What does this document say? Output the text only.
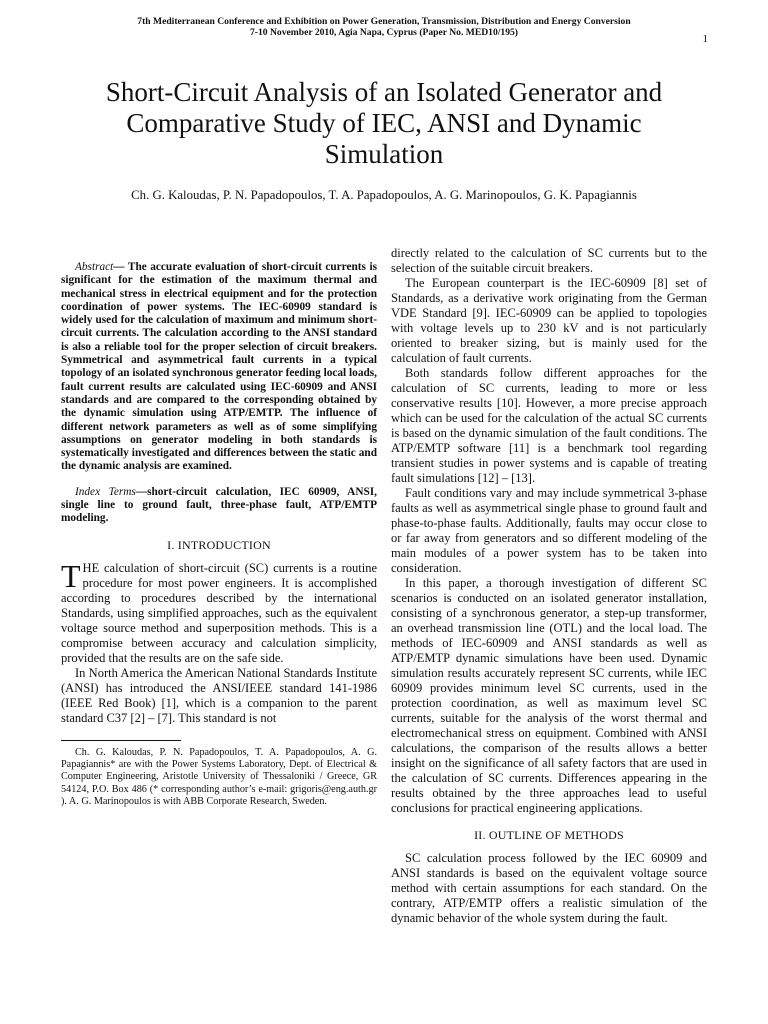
7th Mediterranean Conference and Exhibition on Power Generation, Transmission, Distribution and Energy Conversion
7-10 November 2010, Agia Napa, Cyprus (Paper No. MED10/195)
1
Short-Circuit Analysis of an Isolated Generator and Comparative Study of IEC, ANSI and Dynamic Simulation
Ch. G. Kaloudas, P. N. Papadopoulos, T. A. Papadopoulos, A. G. Marinopoulos, G. K. Papagiannis

Abstract— The accurate evaluation of short-circuit currents is significant for the estimation of the maximum thermal and mechanical stress in electrical equipment and for the protection coordination of power systems. The IEC-60909 standard is widely used for the calculation of maximum and minimum short-circuit currents. The calculation according to the ANSI standard is also a reliable tool for the proper selection of circuit breakers. Symmetrical and asymmetrical fault currents in a typical topology of an isolated synchronous generator feeding local loads, fault current results are calculated using IEC-60909 and ANSI standards and are compared to the corresponding obtained by the dynamic simulation using ATP/EMTP. The influence of different network parameters as well as of some simplifying assumptions on generator modeling in both standards is systematically investigated and differences between the static and the dynamic analysis are examined.

Index Terms—short-circuit calculation, IEC 60909, ANSI, single line to ground fault, three-phase fault, ATP/EMTP modeling.

I. INTRODUCTION

THE calculation of short-circuit (SC) currents is a routine procedure for most power engineers. It is accomplished according to procedures described by the international Standards, using simplified approaches, such as the equivalent voltage source method and superposition methods. This is a compromise between accuracy and calculation simplicity, provided that the results are on the safe side.

In North America the American National Standards Institute (ANSI) has introduced the ANSI/IEEE standard 141-1986 (IEEE Red Book) [1], which is a companion to the parent standard C37 [2] – [7]. This standard is not

Ch. G. Kaloudas, P. N. Papadopoulos, T. A. Papadopoulos, A. G. Papagiannis* are with the Power Systems Laboratory, Dept. of Electrical & Computer Engineering, Aristotle University of Thessaloniki / Greece, GR 54124, P.O. Box 486 (* corresponding author’s e-mail: grigoris@eng.auth.gr ). A. G. Marinopoulos is with ABB Corporate Research, Sweden.

directly related to the calculation of SC currents but to the selection of the suitable circuit breakers.

The European counterpart is the IEC-60909 [8] set of Standards, as a derivative work originating from the German VDE Standard [9]. IEC-60909 can be applied to topologies with voltage levels up to 230 kV and is not particularly oriented to breaker sizing, but is mainly used for the calculation of fault currents.

Both standards follow different approaches for the calculation of SC currents, leading to more or less conservative results [10]. However, a more precise approach which can be used for the calculation of the actual SC currents is based on the dynamic simulation of the fault conditions. The ATP/EMTP software [11] is a benchmark tool regarding transient studies in power systems and is capable of treating fault simulations [12] – [13].

Fault conditions vary and may include symmetrical 3-phase faults as well as asymmetrical single phase to ground fault and phase-to-phase faults. Additionally, faults may occur close to or far away from generators and so different modeling of the main modules of a power system has to be taken into consideration.

In this paper, a thorough investigation of different SC scenarios is conducted on an isolated generator installation, consisting of a synchronous generator, a step-up transformer, an overhead transmission line (OTL) and the local load. The methods of IEC-60909 and ANSI standards as well as ATP/EMTP dynamic simulations have been used. Dynamic simulation results accurately represent SC currents, while IEC 60909 provides minimum level SC currents, used in the protection coordination, as well as maximum level SC currents, suitable for the analysis of the worst thermal and electromechanical stress on equipment. Combined with ANSI calculations, the comparison of the results allows a better insight on the significance of all safety factors that are used in the calculation of SC currents. Differences appearing in the results obtained by the three approaches lead to useful conclusions for practical engineering applications.

II. OUTLINE OF METHODS

SC calculation process followed by the IEC 60909 and ANSI standards is based on the equivalent voltage source method with certain assumptions for each standard. On the contrary, ATP/EMTP offers a realistic simulation of the dynamic behavior of the whole system during the fault.
